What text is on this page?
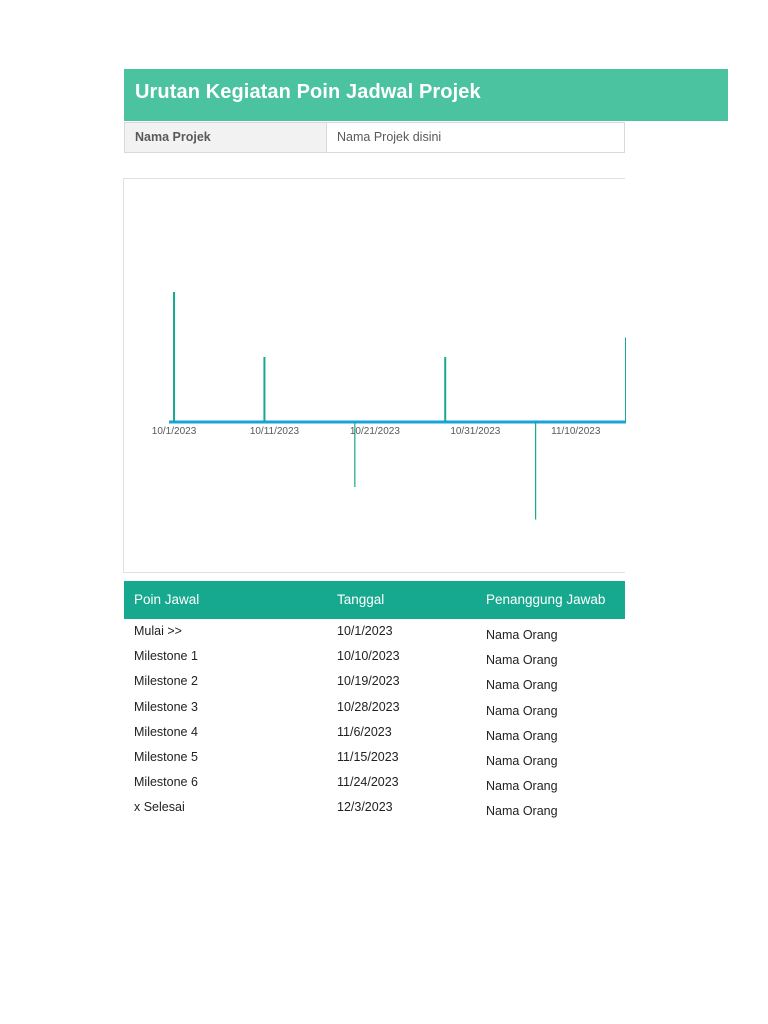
Urutan Kegiatan Poin Jadwal Projek
Nama Projek	Nama Projek disini
10/1/2023	10/11/2023	10/21/2023	10/31/2023	11/10/2023
Poin Jawal	Tanggal	Penanggung Jawab
Mulai >>	10/1/2023	Nama Orang
Milestone 1	10/10/2023	Nama Orang
Milestone 2	10/19/2023	Nama Orang
Milestone 3	10/28/2023	Nama Orang
Milestone 4	11/6/2023	Nama Orang
Milestone 5	11/15/2023	Nama Orang
Milestone 6	11/24/2023	Nama Orang
x Selesai	12/3/2023	Nama Orang
